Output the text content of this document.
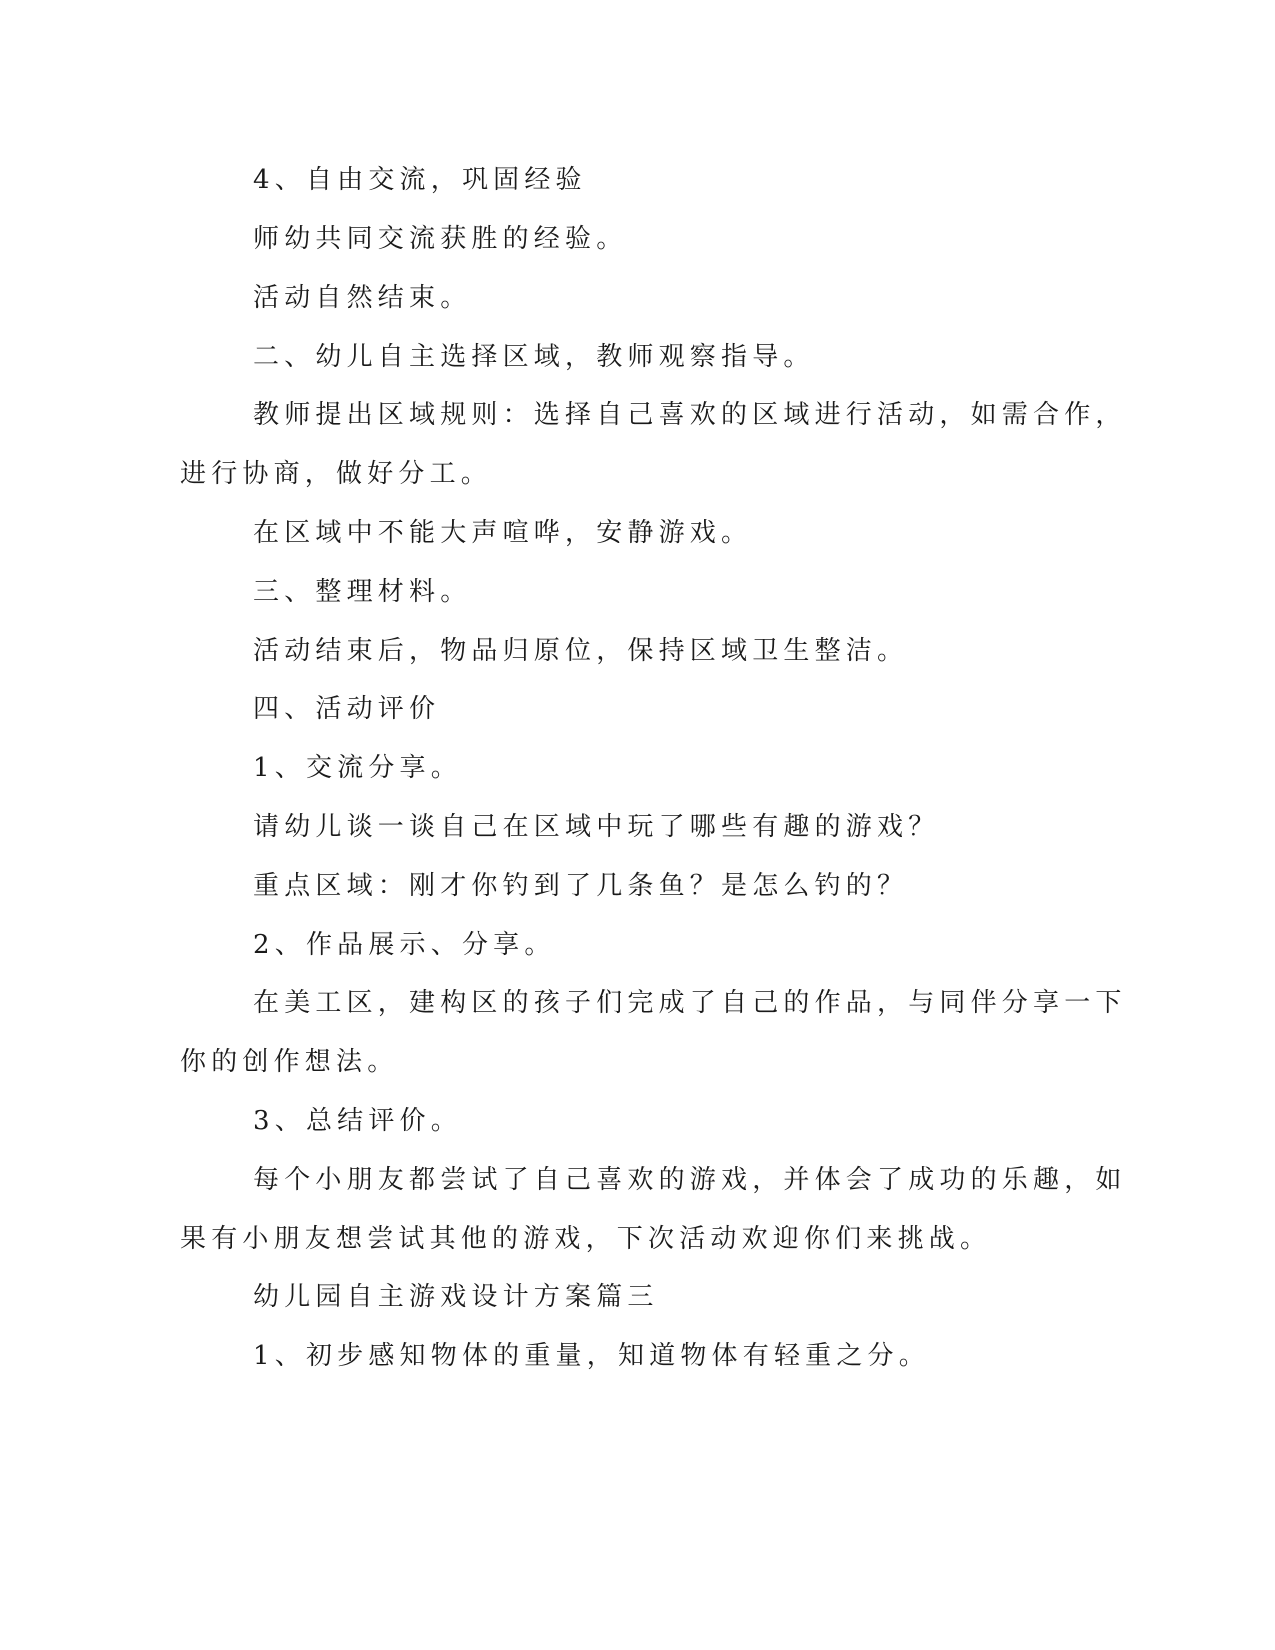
4、自由交流，巩固经验
师幼共同交流获胜的经验。
活动自然结束。
二、幼儿自主选择区域，教师观察指导。
教师提出区域规则：选择自己喜欢的区域进行活动，如需合作，
进行协商，做好分工。
在区域中不能大声喧哗，安静游戏。
三、整理材料。
活动结束后，物品归原位，保持区域卫生整洁。
四、活动评价
1、交流分享。
请幼儿谈一谈自己在区域中玩了哪些有趣的游戏？
重点区域：刚才你钓到了几条鱼？是怎么钓的？
2、作品展示、分享。
在美工区，建构区的孩子们完成了自己的作品，与同伴分享一下
你的创作想法。
3、总结评价。
每个小朋友都尝试了自己喜欢的游戏，并体会了成功的乐趣，如
果有小朋友想尝试其他的游戏，下次活动欢迎你们来挑战。
幼儿园自主游戏设计方案篇三
1、初步感知物体的重量，知道物体有轻重之分。
